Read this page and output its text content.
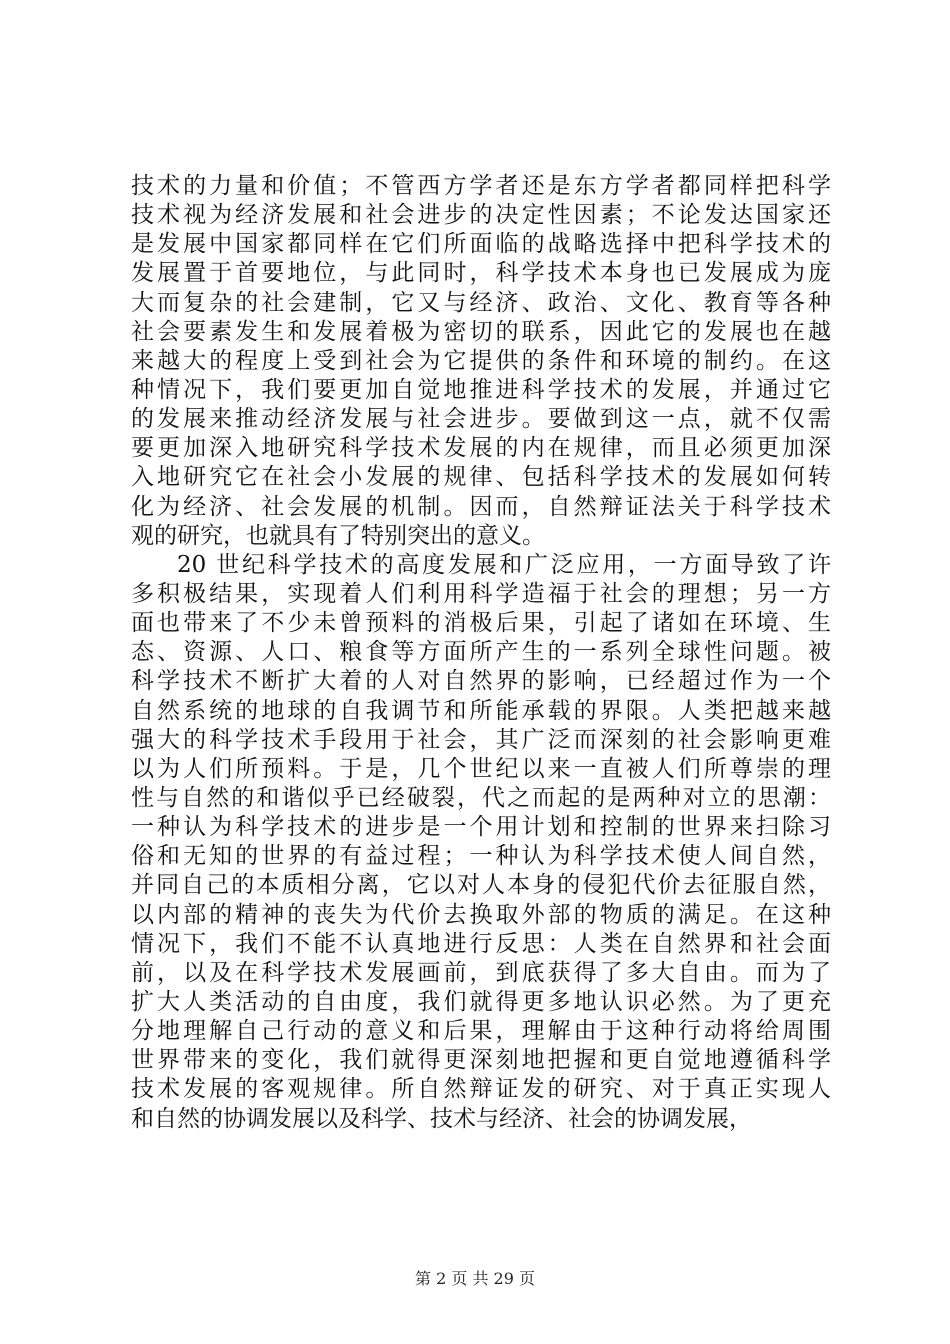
技术的力量和价值；不管西方学者还是东方学者都同样把科学
技术视为经济发展和社会进步的决定性因素；不论发达国家还
是发展中国家都同样在它们所面临的战略选择中把科学技术的
发展置于首要地位，与此同时，科学技术本身也已发展成为庞
大而复杂的社会建制，它又与经济、政治、文化、教育等各种
社会要素发生和发展着极为密切的联系，因此它的发展也在越
来越大的程度上受到社会为它提供的条件和环境的制约。在这
种情况下，我们要更加自觉地推进科学技术的发展，并通过它
的发展来推动经济发展与社会进步。要做到这一点，就不仅需
要更加深入地研究科学技术发展的内在规律，而且必须更加深
入地研究它在社会小发展的规律、包括科学技术的发展如何转
化为经济、社会发展的机制。因而，自然辩证法关于科学技术
观的研究，也就具有了特别突出的意义。
20 世纪科学技术的高度发展和广泛应用，一方面导致了许
多积极结果，实现着人们利用科学造福于社会的理想；另一方
面也带来了不少未曾预料的消极后果，引起了诸如在环境、生
态、资源、人口、粮食等方面所产生的一系列全球性问题。被
科学技术不断扩大着的人对自然界的影响，已经超过作为一个
自然系统的地球的自我调节和所能承载的界限。人类把越来越
强大的科学技术手段用于社会，其广泛而深刻的社会影响更难
以为人们所预料。于是，几个世纪以来一直被人们所尊崇的理
性与自然的和谐似乎已经破裂，代之而起的是两种对立的思潮：
一种认为科学技术的进步是一个用计划和控制的世界来扫除习
俗和无知的世界的有益过程；一种认为科学技术使人间自然，
并同自己的本质相分离，它以对人本身的侵犯代价去征服自然，
以内部的精神的丧失为代价去换取外部的物质的满足。在这种
情况下，我们不能不认真地进行反思：人类在自然界和社会面
前，以及在科学技术发展画前，到底获得了多大自由。而为了
扩大人类活动的自由度，我们就得更多地认识必然。为了更充
分地理解自己行动的意义和后果，理解由于这种行动将给周围
世界带来的变化，我们就得更深刻地把握和更自觉地遵循科学
技术发展的客观规律。所自然辩证发的研究、对于真正实现人
和自然的协调发展以及科学、技术与经济、社会的协调发展，
第 2 页 共 29 页
